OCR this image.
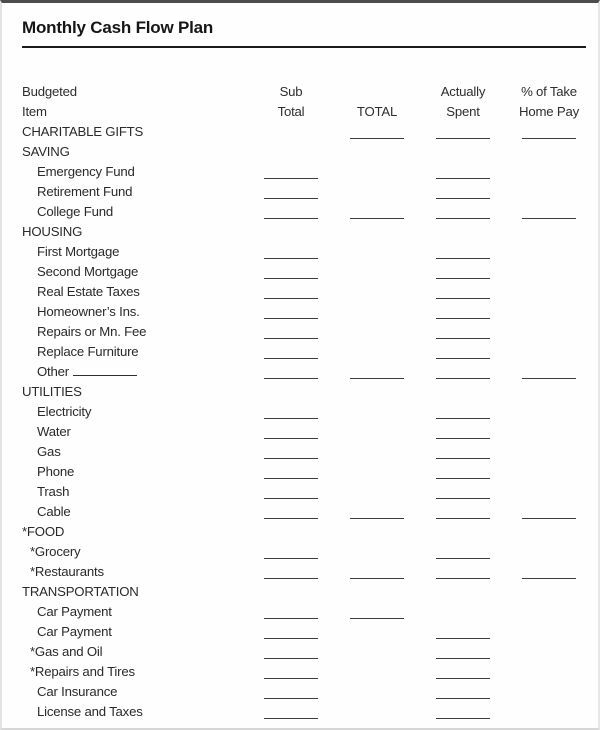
Monthly Cash Flow Plan
Budgeted
Item
Sub
Total	TOTAL
Actually
Spent
% of Take
Home Pay
CHARITABLE GIFTS
SAVING
Emergency Fund
Retirement Fund
College Fund
HOUSING
First Mortgage
Second Mortgage
Real Estate Taxes
Homeowner’s Ins.
Repairs or Mn. Fee
Replace Furniture
Other
UTILITIES
Electricity
Water
Gas
Phone
Trash
Cable
*FOOD
*Grocery
*Restaurants
TRANSPORTATION
Car Payment
Car Payment
*Gas and Oil
*Repairs and Tires
Car Insurance
License and Taxes
